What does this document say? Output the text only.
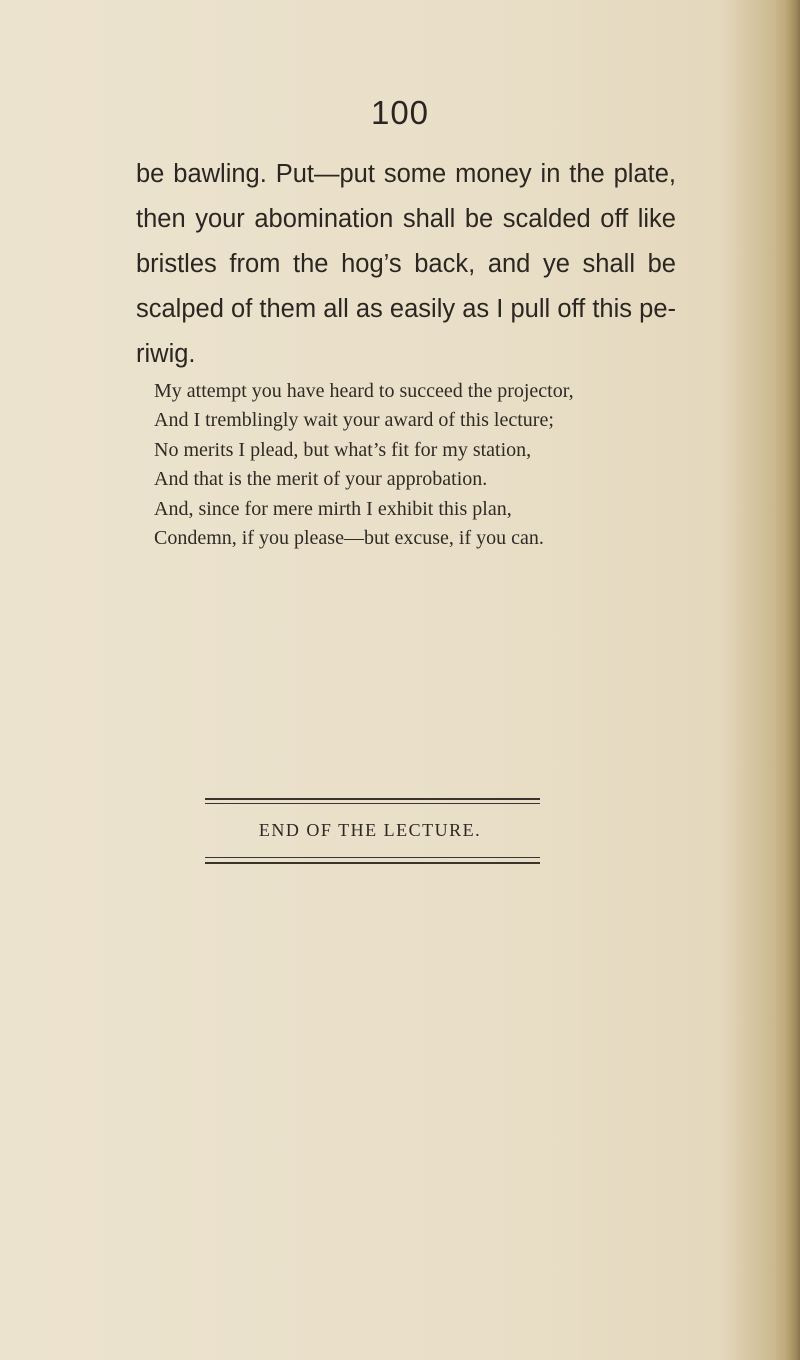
100
be bawling. Put—put some money in the plate,
then your abomination shall be scalded off like
bristles from the hog’s back, and ye shall be
scalped of them all as easily as I pull off this pe-
riwig.
My attempt you have heard to succeed the projector,
And I tremblingly wait your award of this lecture;
No merits I plead, but what’s fit for my station,
And that is the merit of your approbation.
And, since for mere mirth I exhibit this plan,
Condemn, if you please—but excuse, if you can.
END OF THE LECTURE.
